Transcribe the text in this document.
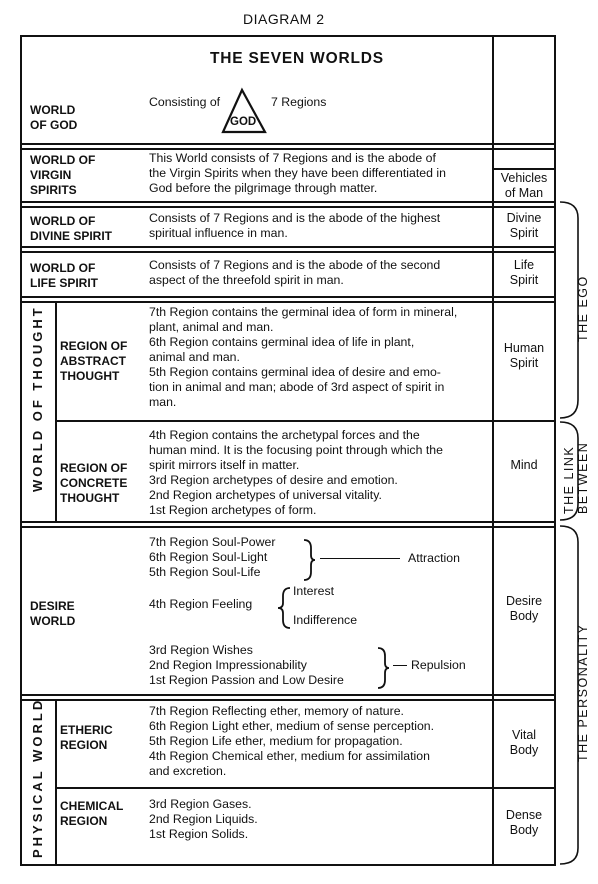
DIAGRAM 2
THE SEVEN WORLDS
WORLD
OF GOD
Consisting of
GOD
7 Regions
WORLD OF
VIRGIN
SPIRITS
This World consists of 7 Regions and is the abode of
the Virgin Spirits when they have been differentiated in
God before the pilgrimage through matter.
Vehicles
of Man
WORLD OF
DIVINE SPIRIT
Consists of 7 Regions and is the abode of the highest
spiritual influence in man.
Divine
Spirit
WORLD OF
LIFE SPIRIT
Consists of 7 Regions and is the abode of the second
aspect of the threefold spirit in man.
Life
Spirit
WORLD OF THOUGHT REGION OF
ABSTRACT
THOUGHT
7th Region contains the germinal idea of form in mineral,
plant, animal and man.
6th Region contains germinal idea of life in plant,
animal and man.
5th Region contains germinal idea of desire and emo-
tion in animal and man; abode of 3rd aspect of spirit in
man.
Human
Spirit
REGION OF
CONCRETE
THOUGHT
4th Region contains the archetypal forces and the
human mind. It is the focusing point through which the
spirit mirrors itself in matter.
3rd Region archetypes of desire and emotion.
2nd Region archetypes of universal vitality.
1st Region archetypes of form.
Mind
DESIRE
WORLD
7th Region Soul-Power
6th Region Soul-Light
5th Region Soul-Life
Attraction
4th Region Feeling
Interest
Indifference
3rd Region Wishes
2nd Region Impressionability
1st Region Passion and Low Desire
Repulsion
Desire
Body
PHYSICAL WORLD ETHERIC
REGION
7th Region Reflecting ether, memory of nature.
6th Region Light ether, medium of sense perception.
5th Region Life ether, medium for propagation.
4th Region Chemical ether, medium for assimilation
and excretion.
Vital
Body
CHEMICAL
REGION
3rd Region Gases.
2nd Region Liquids.
1st Region Solids.
Dense
Body
THE EGO
THE LINK BETWEEN
THE PERSONALITY
